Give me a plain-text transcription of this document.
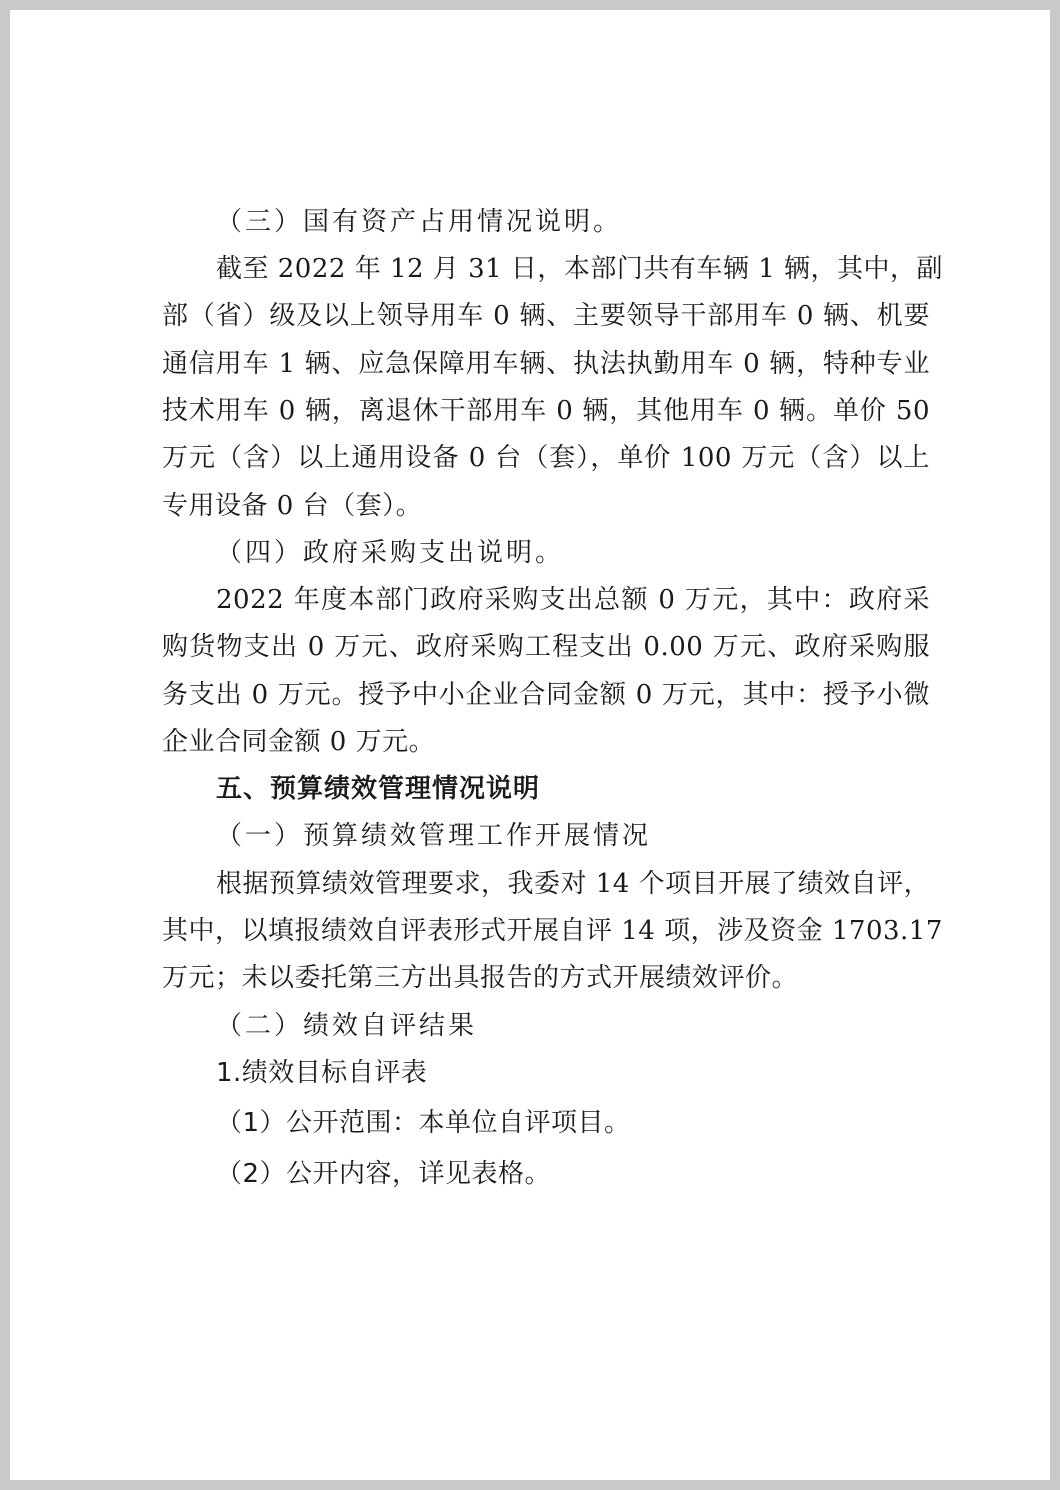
（三）国有资产占用情况说明。
截至 2022 年 12 月 31 日，本部门共有车辆 1 辆，其中，副
部（省）级及以上领导用车 0 辆、主要领导干部用车 0 辆、机要
通信用车 1 辆、应急保障用车辆、执法执勤用车 0 辆，特种专业
技术用车 0 辆，离退休干部用车 0 辆，其他用车 0 辆。单价 50
万元（含）以上通用设备 0 台（套），单价 100 万元（含）以上
专用设备 0 台（套）。
（四）政府采购支出说明。
2022 年度本部门政府采购支出总额 0 万元，其中：政府采
购货物支出 0 万元、政府采购工程支出 0.00 万元、政府采购服
务支出 0 万元。授予中小企业合同金额 0 万元，其中：授予小微
企业合同金额 0 万元。
五、预算绩效管理情况说明
（一）预算绩效管理工作开展情况
根据预算绩效管理要求，我委对 14 个项目开展了绩效自评，
其中，以填报绩效自评表形式开展自评 14 项，涉及资金 1703.17
万元；未以委托第三方出具报告的方式开展绩效评价。
（二）绩效自评结果
1.绩效目标自评表
（1）公开范围：本单位自评项目。
（2）公开内容，详见表格。
